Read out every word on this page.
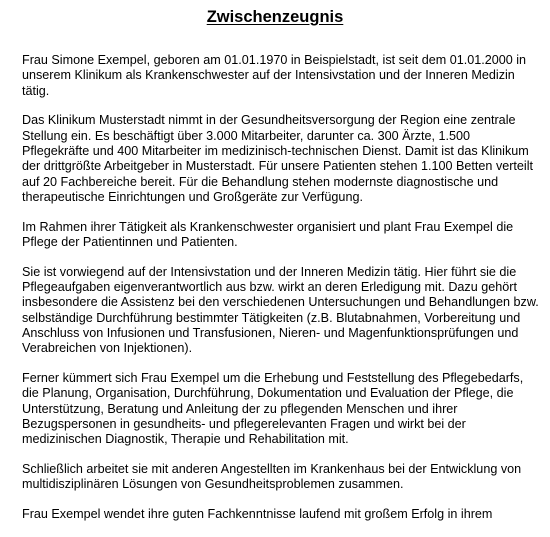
Zwischenzeugnis

Frau Simone Exempel, geboren am 01.01.1970 in Beispielstadt, ist seit dem 01.01.2000 in
unserem Klinikum als Krankenschwester auf der Intensivstation und der Inneren Medizin
tätig.

Das Klinikum Musterstadt nimmt in der Gesundheitsversorgung der Region eine zentrale
Stellung ein. Es beschäftigt über 3.000 Mitarbeiter, darunter ca. 300 Ärzte, 1.500
Pflegekräfte und 400 Mitarbeiter im medizinisch-technischen Dienst. Damit ist das Klinikum
der drittgrößte Arbeitgeber in Musterstadt. Für unsere Patienten stehen 1.100 Betten verteilt
auf 20 Fachbereiche bereit. Für die Behandlung stehen modernste diagnostische und
therapeutische Einrichtungen und Großgeräte zur Verfügung.

Im Rahmen ihrer Tätigkeit als Krankenschwester organisiert und plant Frau Exempel die
Pflege der Patientinnen und Patienten.

Sie ist vorwiegend auf der Intensivstation und der Inneren Medizin tätig. Hier führt sie die
Pflegeaufgaben eigenverantwortlich aus bzw. wirkt an deren Erledigung mit. Dazu gehört
insbesondere die Assistenz bei den verschiedenen Untersuchungen und Behandlungen bzw.
selbständige Durchführung bestimmter Tätigkeiten (z.B. Blutabnahmen, Vorbereitung und
Anschluss von Infusionen und Transfusionen, Nieren- und Magenfunktionsprüfungen und
Verabreichen von Injektionen).

Ferner kümmert sich Frau Exempel um die Erhebung und Feststellung des Pflegebedarfs,
die Planung, Organisation, Durchführung, Dokumentation und Evaluation der Pflege, die
Unterstützung, Beratung und Anleitung der zu pflegenden Menschen und ihrer
Bezugspersonen in gesundheits- und pflegerelevanten Fragen und wirkt bei der
medizinischen Diagnostik, Therapie und Rehabilitation mit.

Schließlich arbeitet sie mit anderen Angestellten im Krankenhaus bei der Entwicklung von
multidisziplinären Lösungen von Gesundheitsproblemen zusammen.

Frau Exempel wendet ihre guten Fachkenntnisse laufend mit großem Erfolg in ihrem
